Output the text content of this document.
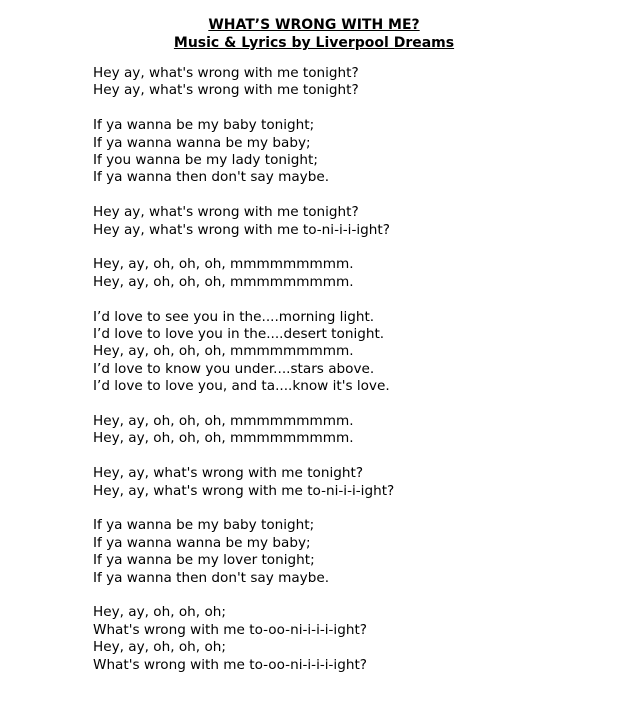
WHAT’S WRONG WITH ME?
Music & Lyrics by Liverpool Dreams
Hey ay, what's wrong with me tonight?
Hey ay, what's wrong with me tonight?
If ya wanna be my baby tonight;
If ya wanna wanna be my baby;
If you wanna be my lady tonight;
If ya wanna then don't say maybe.
Hey ay, what's wrong with me tonight?
Hey ay, what's wrong with me to-ni-i-i-ight?
Hey, ay, oh, oh, oh, mmmmmmmmm.
Hey, ay, oh, oh, oh, mmmmmmmmm.
I’d love to see you in the....morning light.
I’d love to love you in the....desert tonight.
Hey, ay, oh, oh, oh, mmmmmmmmm.
I’d love to know you under....stars above.
I’d love to love you, and ta....know it's love.
Hey, ay, oh, oh, oh, mmmmmmmmm.
Hey, ay, oh, oh, oh, mmmmmmmmm.
Hey, ay, what's wrong with me tonight?
Hey, ay, what's wrong with me to-ni-i-i-ight?
If ya wanna be my baby tonight;
If ya wanna wanna be my baby;
If ya wanna be my lover tonight;
If ya wanna then don't say maybe.
Hey, ay, oh, oh, oh;
What's wrong with me to-oo-ni-i-i-i-ight?
Hey, ay, oh, oh, oh;
What's wrong with me to-oo-ni-i-i-i-ight?
